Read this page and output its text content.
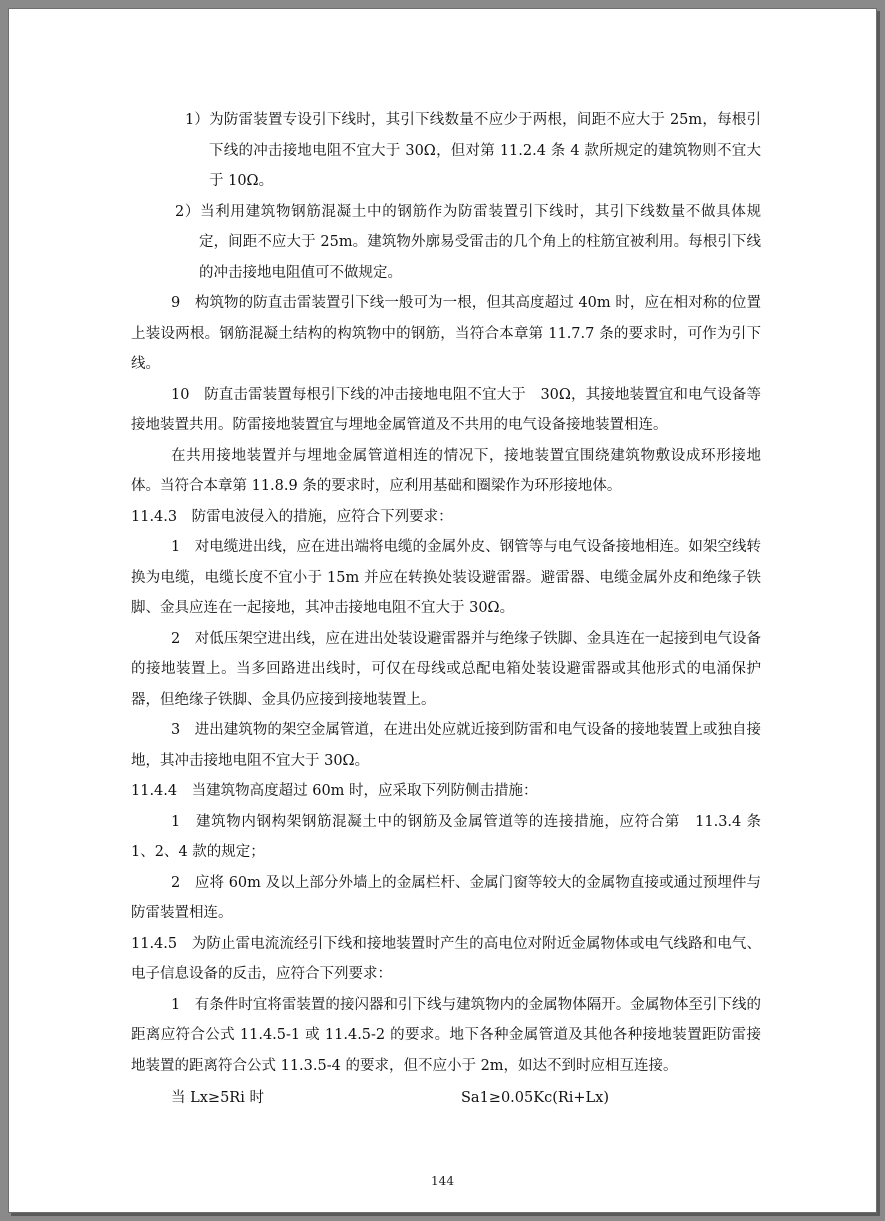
1）为防雷装置专设引下线时，其引下线数量不应少于两根，间距不应大于 25m，每根引下线的冲击接地电阻不宜大于 30Ω，但对第 11.2.4 条 4 款所规定的建筑物则不宜大于 10Ω。

2）当利用建筑物钢筋混凝土中的钢筋作为防雷装置引下线时，其引下线数量不做具体规定，间距不应大于 25m。建筑物外廓易受雷击的几个角上的柱筋宜被利用。每根引下线的冲击接地电阻值可不做规定。

9　构筑物的防直击雷装置引下线一般可为一根，但其高度超过 40m 时，应在相对称的位置上装设两根。钢筋混凝土结构的构筑物中的钢筋，当符合本章第 11.7.7 条的要求时，可作为引下线。

10　防直击雷装置每根引下线的冲击接地电阻不宜大于　30Ω，其接地装置宜和电气设备等接地装置共用。防雷接地装置宜与埋地金属管道及不共用的电气设备接地装置相连。

在共用接地装置并与埋地金属管道相连的情况下，接地装置宜围绕建筑物敷设成环形接地体。当符合本章第 11.8.9 条的要求时，应利用基础和圈梁作为环形接地体。

11.4.3　防雷电波侵入的措施，应符合下列要求：

1　对电缆进出线，应在进出端将电缆的金属外皮、钢管等与电气设备接地相连。如架空线转换为电缆，电缆长度不宜小于 15m 并应在转换处装设避雷器。避雷器、电缆金属外皮和绝缘子铁脚、金具应连在一起接地，其冲击接地电阻不宜大于 30Ω。

2　对低压架空进出线，应在进出处装设避雷器并与绝缘子铁脚、金具连在一起接到电气设备的接地装置上。当多回路进出线时，可仅在母线或总配电箱处装设避雷器或其他形式的电涌保护器，但绝缘子铁脚、金具仍应接到接地装置上。

3　进出建筑物的架空金属管道，在进出处应就近接到防雷和电气设备的接地装置上或独自接地，其冲击接地电阻不宜大于 30Ω。

11.4.4　当建筑物高度超过 60m 时，应采取下列防侧击措施：

1　建筑物内钢构架钢筋混凝土中的钢筋及金属管道等的连接措施，应符合第　11.3.4 条 1、2、4 款的规定；

2　应将 60m 及以上部分外墙上的金属栏杆、金属门窗等较大的金属物直接或通过预埋件与防雷装置相连。

11.4.5　为防止雷电流流经引下线和接地装置时产生的高电位对附近金属物体或电气线路和电气、电子信息设备的反击，应符合下列要求：

1　有条件时宜将雷装置的接闪器和引下线与建筑物内的金属物体隔开。金属物体至引下线的距离应符合公式 11.4.5-1 或 11.4.5-2 的要求。地下各种金属管道及其他各种接地装置距防雷接地装置的距离符合公式 11.3.5-4 的要求，但不应小于 2m，如达不到时应相互连接。

当 Lx≥5Ri 时	Sa1≥0.05Kc(Ri+Lx)
144
